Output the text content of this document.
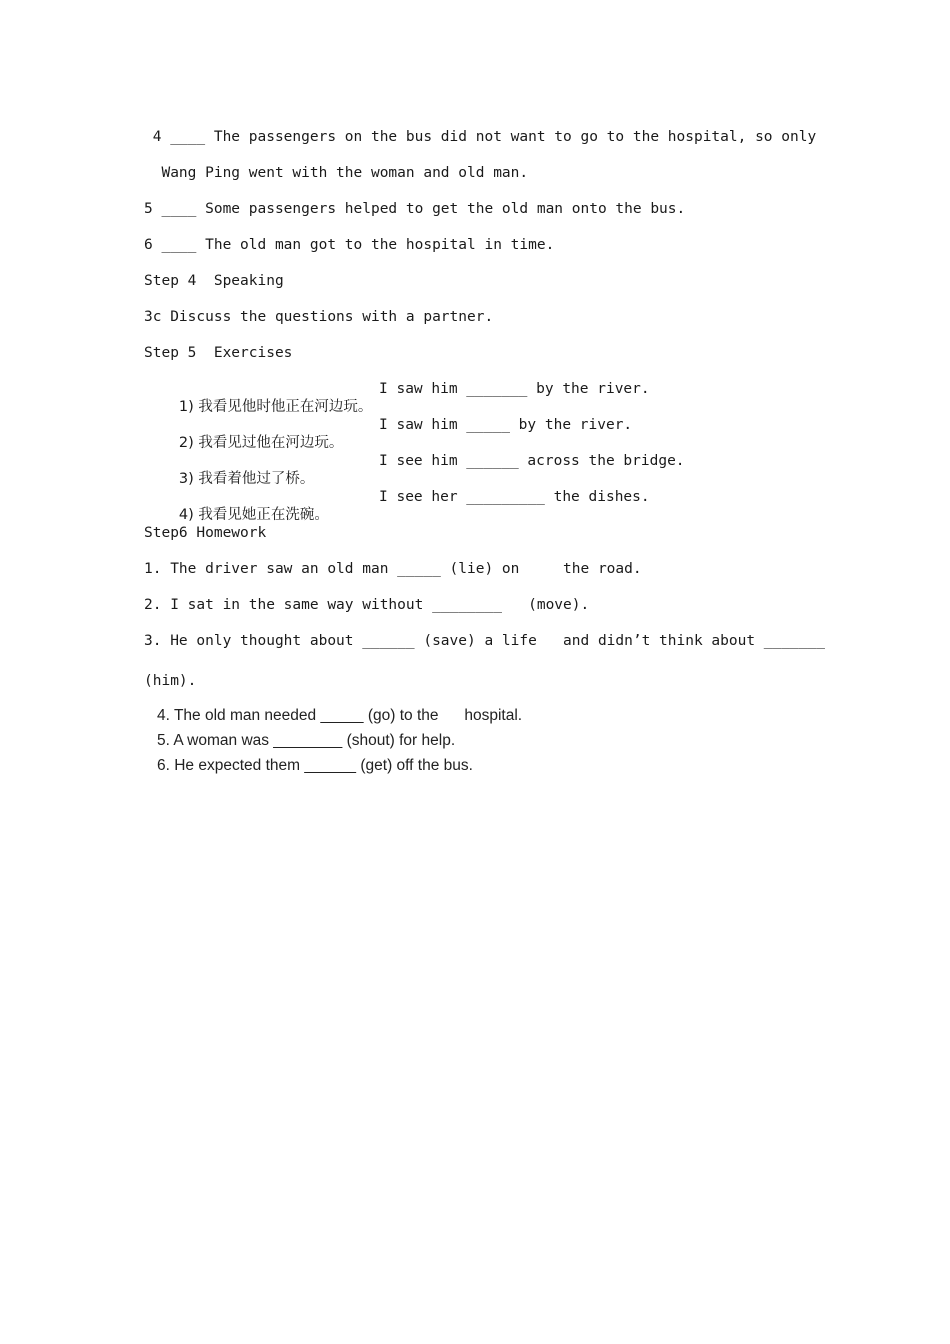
4 ____ The passengers on the bus did not want to go to the hospital, so only
Wang Ping went with the woman and old man.
5 ____ Some passengers helped to get the old man onto the bus.
6 ____ The old man got to the hospital in time.
Step 4  Speaking
3c Discuss the questions with a partner.
Step 5  Exercises

1) 我看见他时他正在河边玩。

I saw him _______ by the river.

2) 我看见过他在河边玩。

I saw him _____ by the river.

3) 我看着他过了桥。

I see him ______ across the bridge.

4) 我看见她正在洗碗。

I see her _________ the dishes.

Step6 Homework
1. The driver saw an old man _____ (lie) on     the road.
2. I sat in the same way without ________   (move).
3. He only thought about ______ (save) a life   and didn’t think about _______
(him).
4. The old man needed _____ (go) to the      hospital.
5. A woman was ________ (shout) for help.
6. He expected them ______ (get) off the bus.
